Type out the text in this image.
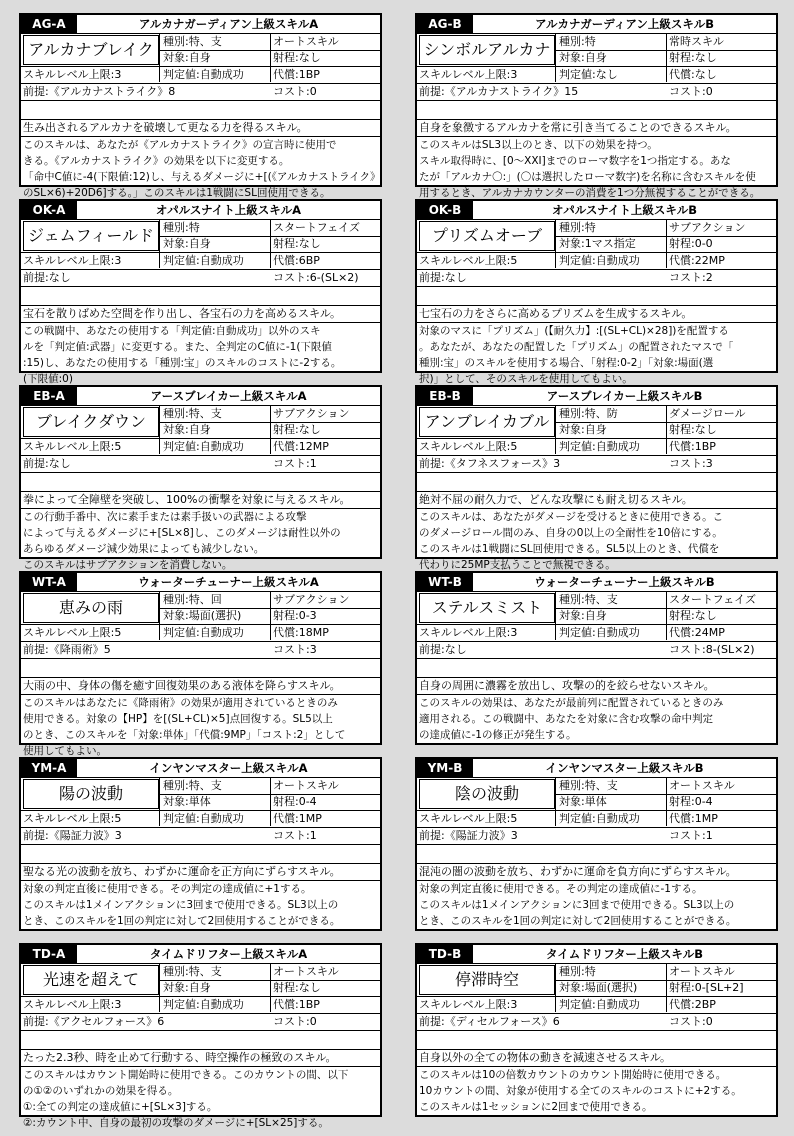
AG-A	アルカナガーディアン上級スキルA
アルカナブレイク 種別:特、支	オートスキル
対象:自身	射程:なし
スキルレベル上限:3	判定値:自動成功	代償:1BP
前提:《アルカナストライク》8	コスト:0
生み出されるアルカナを破壊して更なる力を得るスキル。

このスキルは、あなたが《アルカナストライク》の宣言時に使用で

きる。《アルカナストライク》の効果を以下に変更する。

「命中C値に-4(下限値:12)し、与えるダメージに+[(《アルカナストライク》

のSL×6)+20D6]する。」このスキルは1戦闘にSL回使用できる。

AG-B	アルカナガーディアン上級スキルB
シンボルアルカナ 種別:特	常時スキル
対象:自身	射程:なし
スキルレベル上限:3	判定値:なし	代償:なし
前提:《アルカナストライク》15	コスト:0
自身を象徴するアルカナを常に引き当てることのできるスキル。

このスキルはSL3以上のとき、以下の効果を持つ。

スキル取得時に、[0～XXI]までのローマ数字を1つ指定する。あな

たが「アルカナ〇:」(〇は選択したローマ数字)を名称に含むスキルを使

用するとき、アルカナカウンターの消費を1つ分無視することができる。

OK-A	オパルスナイト上級スキルA
ジェムフィールド 種別:特	スタートフェイズ
対象:自身	射程:なし
スキルレベル上限:3	判定値:自動成功	代償:6BP
前提:なし	コスト:6-(SL×2)
宝石を散りばめた空間を作り出し、各宝石の力を高めるスキル。

この戦闘中、あなたの使用する「判定値:自動成功」以外のスキ

ルを「判定値:武器」に変更する。また、全判定のC値に-1(下限値

:15)し、あなたの使用する「種別:宝」のスキルのコストに-2する。

(下限値:0)

OK-B	オパルスナイト上級スキルB
プリズムオーブ	種別:特	サブアクション
対象:1マス指定	射程:0-0
スキルレベル上限:5	判定値:自動成功	代償:22MP
前提:なし	コスト:2
七宝石の力をさらに高めるプリズムを生成するスキル。

対象のマスに「プリズム」(【耐久力】:[(SL+CL)×28])を配置する

。あなたが、あなたの配置した「プリズム」の配置されたマスで「

種別:宝」のスキルを使用する場合、「射程:0-2」「対象:場面(選

択)」として、そのスキルを使用してもよい。

EB-A	アースブレイカー上級スキルA
ブレイクダウン	種別:特、支	サブアクション
対象:自身	射程:なし
スキルレベル上限:5	判定値:自動成功	代償:12MP
前提:なし	コスト:1
拳によって全障壁を突破し、100%の衝撃を対象に与えるスキル。

この行動手番中、次に素手または素手扱いの武器による攻撃

によって与えるダメージに+[SL×8]し、このダメージは耐性以外の

あらゆるダメージ減少効果によっても減少しない。

このスキルはサブアクションを消費しない。

EB-B	アースブレイカー上級スキルB
アンブレイカブル 種別:特、防	ダメージロール
対象:自身	射程:なし
スキルレベル上限:5	判定値:自動成功	代償:1BP
前提:《タフネスフォース》3	コスト:3
絶対不屈の耐久力で、どんな攻撃にも耐え切るスキル。

このスキルは、あなたがダメージを受けるときに使用できる。こ

のダメージロール間のみ、自身の0以上の全耐性を10倍にする。

このスキルは1戦闘にSL回使用できる。SL5以上のとき、代償を

代わりに25MP支払うことで無視できる。

WT-A	ウォーターチューナー上級スキルA
恵みの雨	種別:特、回	サブアクション
対象:場面(選択)	射程:0-3
スキルレベル上限:5	判定値:自動成功	代償:18MP
前提:《降雨術》5	コスト:3
大雨の中、身体の傷を癒す回復効果のある液体を降らすスキル。

このスキルはあなたに《降雨術》の効果が適用されているときのみ

使用できる。対象の【HP】を[(SL+CL)×5]点回復する。SL5以上

のとき、このスキルを「対象:単体」「代償:9MP」「コスト:2」として

使用してもよい。

WT-B	ウォーターチューナー上級スキルB
ステルスミスト	種別:特、支	スタートフェイズ
対象:自身	射程:なし
スキルレベル上限:3	判定値:自動成功	代償:24MP
前提:なし	コスト:8-(SL×2)
自身の周囲に濃霧を放出し、攻撃の的を絞らせないスキル。

このスキルの効果は、あなたが最前列に配置されているときのみ

適用される。この戦闘中、あなたを対象に含む攻撃の命中判定

の達成値に-1の修正が発生する。

YM-A	インヤンマスター上級スキルA
陽の波動	種別:特、支	オートスキル
対象:単体	射程:0-4
スキルレベル上限:5	判定値:自動成功	代償:1MP
前提:《陽証力波》3	コスト:1
聖なる光の波動を放ち、わずかに運命を正方向にずらすスキル。

対象の判定直後に使用できる。その判定の達成値に+1する。

このスキルは1メインアクションに3回まで使用できる。SL3以上の

とき、このスキルを1回の判定に対して2回使用することができる。

YM-B	インヤンマスター上級スキルB
陰の波動	種別:特、支	オートスキル
対象:単体	射程:0-4
スキルレベル上限:5	判定値:自動成功	代償:1MP
前提:《陽証力波》3	コスト:1
混沌の闇の波動を放ち、わずかに運命を負方向にずらすスキル。

対象の判定直後に使用できる。その判定の達成値に-1する。

このスキルは1メインアクションに3回まで使用できる。SL3以上の

とき、このスキルを1回の判定に対して2回使用することができる。

TD-A	タイムドリフター上級スキルA
光速を超えて	種別:特、支	オートスキル
対象:自身	射程:なし
スキルレベル上限:3	判定値:自動成功	代償:1BP
前提:《アクセルフォース》6	コスト:0
たった2.3秒、時を止めて行動する、時空操作の極致のスキル。

このスキルはカウント開始時に使用できる。このカウントの間、以下

の①②のいずれかの効果を得る。

①:全ての判定の達成値に+[SL×3]する。

②:カウント中、自身の最初の攻撃のダメージに+[SL×25]する。

TD-B	タイムドリフター上級スキルB
停滞時空	種別:特	オートスキル
対象:場面(選択)	射程:0-[SL+2]
スキルレベル上限:3	判定値:自動成功	代償:2BP
前提:《ディセルフォース》6	コスト:0
自身以外の全ての物体の動きを減速させるスキル。

このスキルは10の倍数カウントのカウント開始時に使用できる。

10カウントの間、対象が使用する全てのスキルのコストに+2する。

このスキルは1セッションに2回まで使用できる。
